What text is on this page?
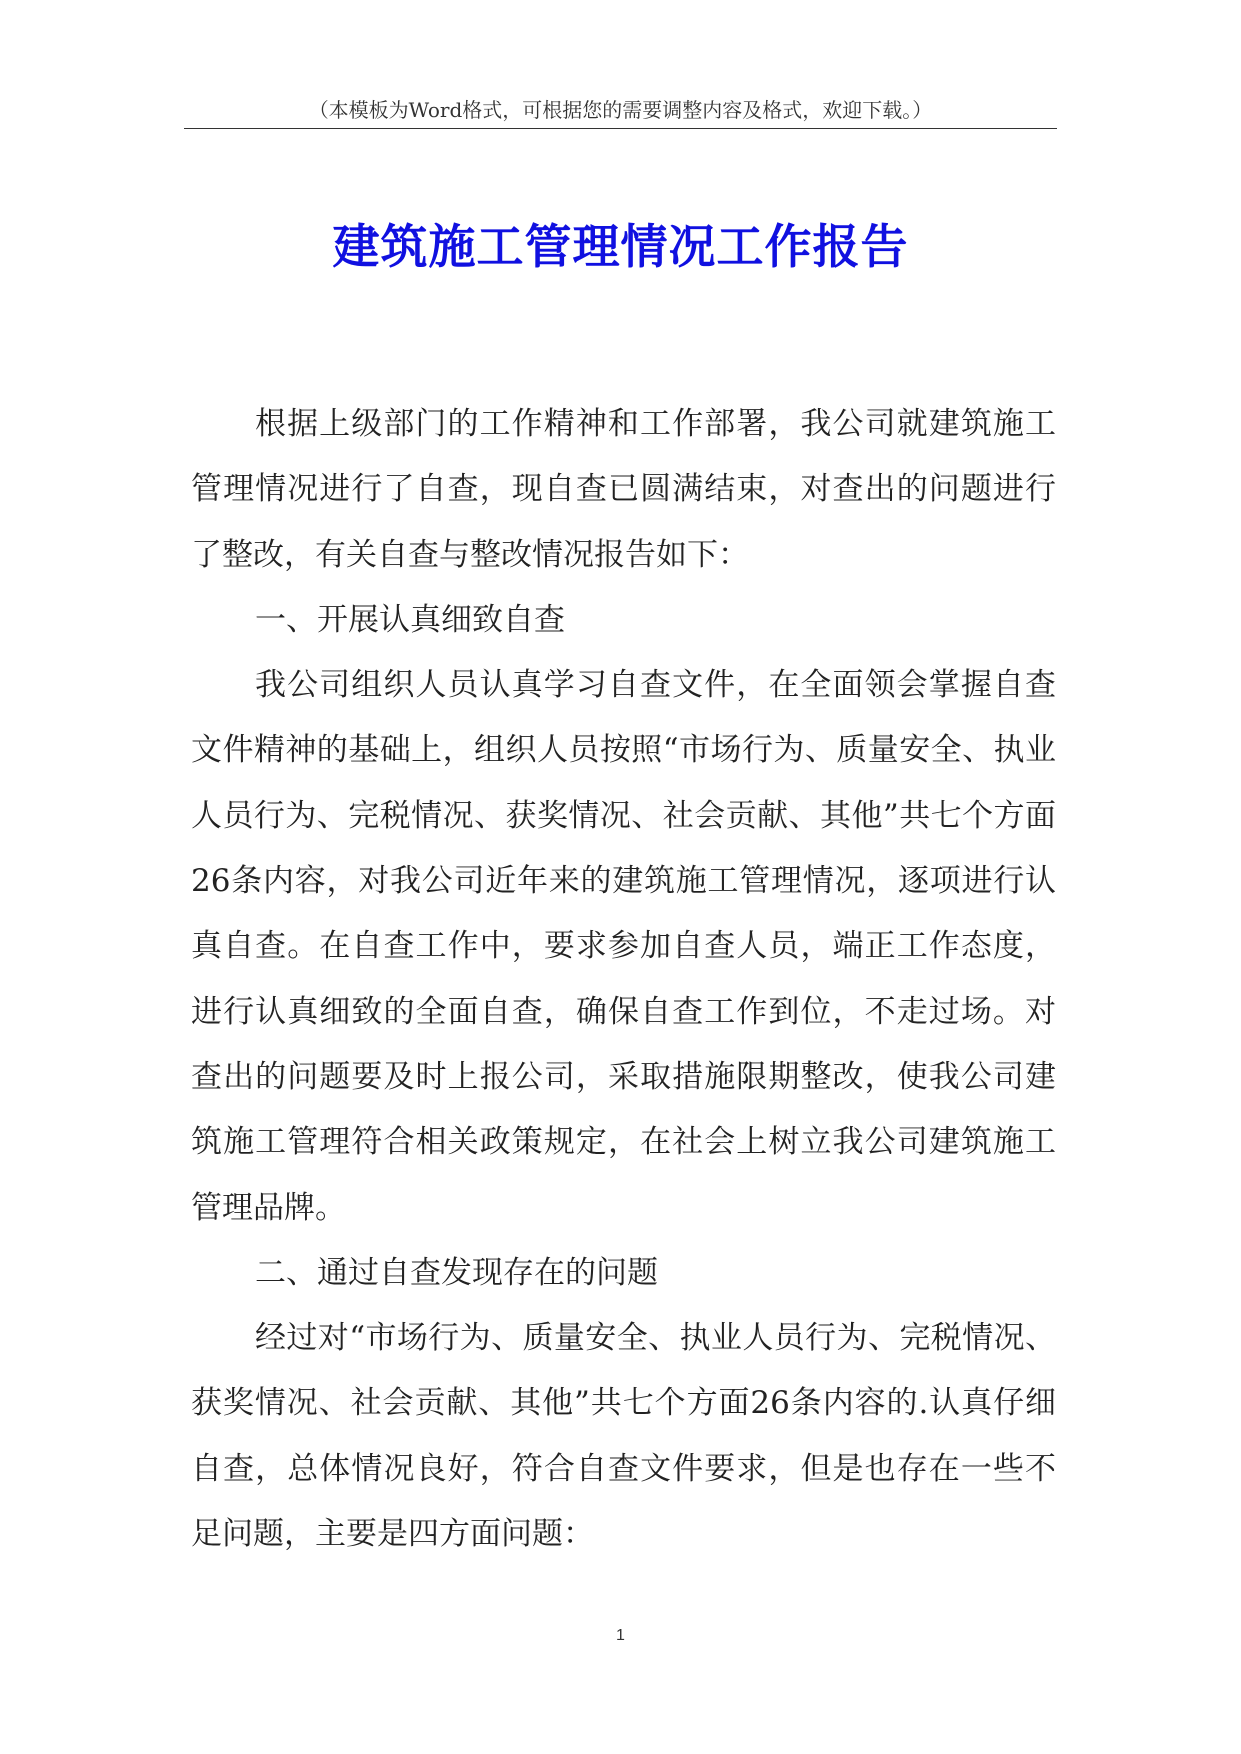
（本模板为Word格式，可根据您的需要调整内容及格式，欢迎下载。）
建筑施工管理情况工作报告

根据上级部门的工作精神和工作部署，我公司就建筑施工管理情况进行了自查，现自查已圆满结束，对查出的问题进行了整改，有关自查与整改情况报告如下：

一、开展认真细致自查

我公司组织人员认真学习自查文件，在全面领会掌握自查文件精神的基础上，组织人员按照“市场行为、质量安全、执业人员行为、完税情况、获奖情况、社会贡献、其他”共七个方面26条内容，对我公司近年来的建筑施工管理情况，逐项进行认真自查。在自查工作中，要求参加自查人员，端正工作态度，进行认真细致的全面自查，确保自查工作到位，不走过场。对查出的问题要及时上报公司，采取措施限期整改，使我公司建筑施工管理符合相关政策规定，在社会上树立我公司建筑施工管理品牌。

二、通过自查发现存在的问题

经过对“市场行为、质量安全、执业人员行为、完税情况、获奖情况、社会贡献、其他”共七个方面26条内容的.认真仔细自查，总体情况良好，符合自查文件要求，但是也存在一些不足问题，主要是四方面问题：

1
